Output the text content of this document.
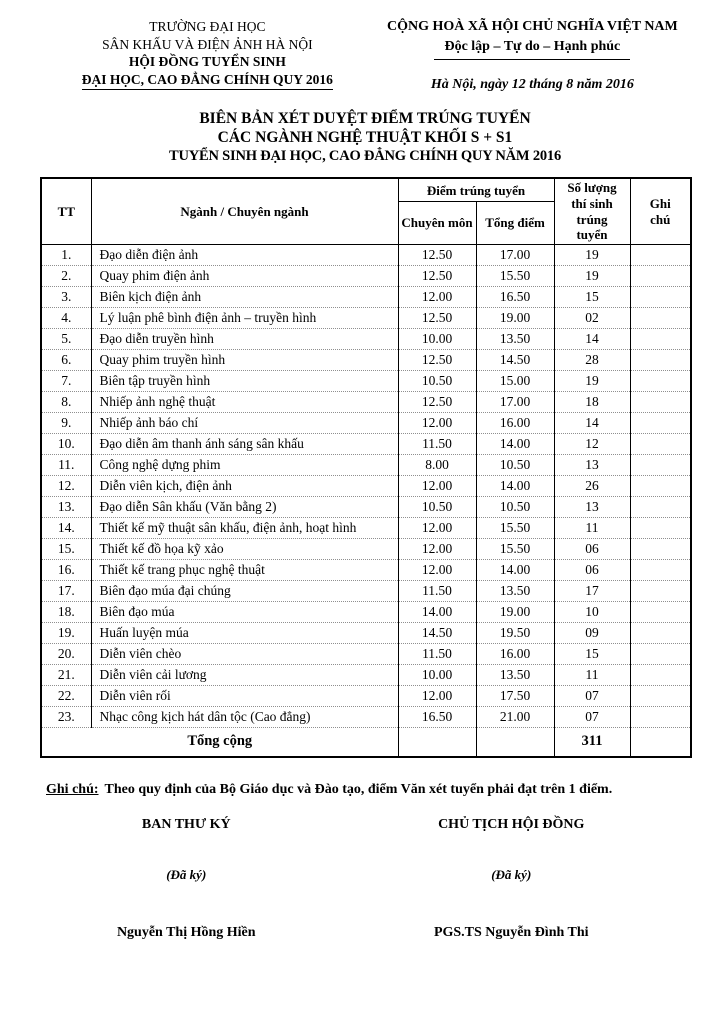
TRƯỜNG ĐẠI HỌC
SÂN KHẤU VÀ ĐIỆN ẢNH HÀ NỘI
HỘI ĐỒNG TUYỂN SINH
ĐẠI HỌC, CAO ĐẲNG CHÍNH QUY 2016
CỘNG HOÀ XÃ HỘI CHỦ NGHĨA VIỆT NAM
Độc lập – Tự do – Hạnh phúc
Hà Nội, ngày 12 tháng 8 năm 2016
BIÊN BẢN XÉT DUYỆT ĐIỂM TRÚNG TUYỂN
CÁC NGÀNH NGHỆ THUẬT KHỐI S + S1
TUYỂN SINH ĐẠI HỌC, CAO ĐẲNG CHÍNH QUY NĂM 2016
TT	Ngành / Chuyên ngành	Điểm trúng tuyển		Số lượng thí sinh trúng tuyển	Ghi chú
		Chuyên môn	Tổng điểm		
1.	Đạo diễn điện ảnh	12.50	17.00	19	
2.	Quay phim điện ảnh	12.50	15.50	19	
3.	Biên kịch điện ảnh	12.00	16.50	15	
4.	Lý luận phê bình điện ảnh – truyền hình	12.50	19.00	02	
5.	Đạo diễn truyền hình	10.00	13.50	14	
6.	Quay phim truyền hình	12.50	14.50	28	
7.	Biên tập truyền hình	10.50	15.00	19	
8.	Nhiếp ảnh nghệ thuật	12.50	17.00	18	
9.	Nhiếp ảnh báo chí	12.00	16.00	14	
10.	Đạo diễn âm thanh ánh sáng sân khấu	11.50	14.00	12	
11.	Công nghệ dựng phim	8.00	10.50	13	
12.	Diễn viên kịch, điện ảnh	12.00	14.00	26	
13.	Đạo diễn Sân khấu (Văn bằng 2)	10.50	10.50	13	
14.	Thiết kế mỹ thuật sân khấu, điện ảnh, hoạt hình	12.00	15.50	11	
15.	Thiết kế đồ họa kỹ xảo	12.00	15.50	06	
16.	Thiết kế trang phục nghệ thuật	12.00	14.00	06	
17.	Biên đạo múa đại chúng	11.50	13.50	17	
18.	Biên đạo múa	14.00	19.00	10	
19.	Huấn luyện múa	14.50	19.50	09	
20.	Diễn viên chèo	11.50	16.00	15	
21.	Diễn viên cải lương	10.00	13.50	11	
22.	Diễn viên rối	12.00	17.50	07	
23.	Nhạc công kịch hát dân tộc (Cao đẳng)	16.50	21.00	07	
Tổng cộng				311	

Ghi chú: Theo quy định của Bộ Giáo dục và Đào tạo, điểm Văn xét tuyển phải đạt trên 1 điểm.

BAN THƯ KÝ
(Đã ký)
Nguyễn Thị Hồng Hiền
CHỦ TỊCH HỘI ĐỒNG
(Đã ký)
PGS.TS Nguyễn Đình Thi
